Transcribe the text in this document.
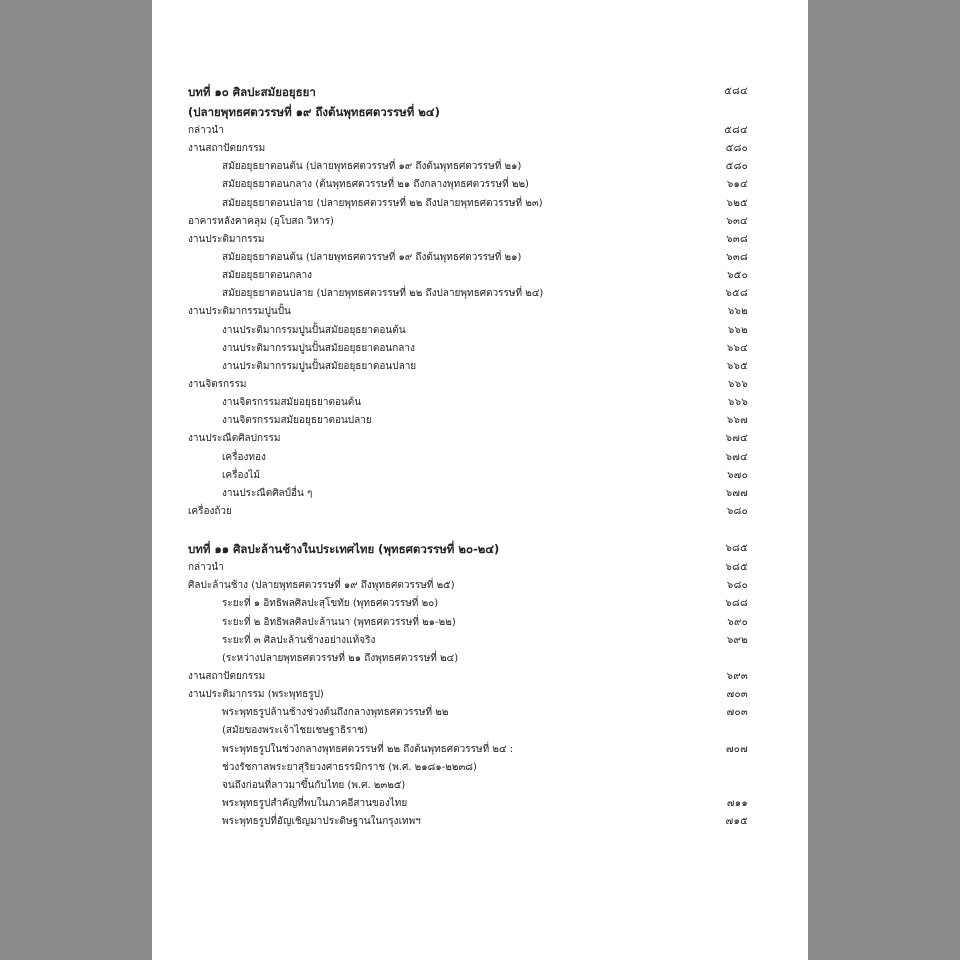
บทที่ ๑๐ ศิลปะสมัยอยุธยา	๕๘๔
(ปลายพุทธศตวรรษที่ ๑๙ ถึงต้นพุทธศตวรรษที่ ๒๔)
กล่าวนำ	๕๘๔
งานสถาปัตยกรรม	๕๘๐
สมัยอยุธยาตอนต้น (ปลายพุทธศตวรรษที่ ๑๙ ถึงต้นพุทธศตวรรษที่ ๒๑)	๕๘๐
สมัยอยุธยาตอนกลาง (ต้นพุทธศตวรรษที่ ๒๑ ถึงกลางพุทธศตวรรษที่ ๒๒)	๖๑๔
สมัยอยุธยาตอนปลาย (ปลายพุทธศตวรรษที่ ๒๒ ถึงปลายพุทธศตวรรษที่ ๒๓)	๖๒๕
อาคารหลังคาคลุม (อุโบสถ วิหาร)	๖๓๔
งานประติมากรรม	๖๓๘
สมัยอยุธยาตอนต้น (ปลายพุทธศตวรรษที่ ๑๙ ถึงต้นพุทธศตวรรษที่ ๒๑)	๖๓๘
สมัยอยุธยาตอนกลาง	๖๕๐
สมัยอยุธยาตอนปลาย (ปลายพุทธศตวรรษที่ ๒๒ ถึงปลายพุทธศตวรรษที่ ๒๔)	๖๕๘
งานประติมากรรมปูนปั้น	๖๖๒
งานประติมากรรมปูนปั้นสมัยอยุธยาตอนต้น	๖๖๒
งานประติมากรรมปูนปั้นสมัยอยุธยาตอนกลาง	๖๖๔
งานประติมากรรมปูนปั้นสมัยอยุธยาตอนปลาย	๖๖๕
งานจิตรกรรม	๖๖๖
งานจิตรกรรมสมัยอยุธยาตอนต้น	๖๖๖
งานจิตรกรรมสมัยอยุธยาตอนปลาย	๖๖๗
งานประณีตศิลปกรรม	๖๗๔
เครื่องทอง	๖๗๔
เครื่องไม้	๖๗๐
งานประณีตศิลป์อื่น ๆ	๖๗๗
เครื่องถ้วย	๖๘๐
บทที่ ๑๑ ศิลปะล้านช้างในประเทศไทย (พุทธศตวรรษที่ ๒๐-๒๔)	๖๘๕
กล่าวนำ	๖๘๕
ศิลปะล้านช้าง (ปลายพุทธศตวรรษที่ ๑๙ ถึงพุทธศตวรรษที่ ๒๕)	๖๘๐
ระยะที่ ๑ อิทธิพลศิลปะสุโขทัย (พุทธศตวรรษที่ ๒๐)	๖๘๘
ระยะที่ ๒ อิทธิพลศิลปะล้านนา (พุทธศตวรรษที่ ๒๑-๒๒)	๖๙๐
ระยะที่ ๓ ศิลปะล้านช้างอย่างแท้จริง	๖๙๒
(ระหว่างปลายพุทธศตวรรษที่ ๒๑ ถึงพุทธศตวรรษที่ ๒๔)
งานสถาปัตยกรรม	๖๙๓
งานประติมากรรม (พระพุทธรูป)	๗๐๓
พระพุทธรูปล้านช้างช่วงต้นถึงกลางพุทธศตวรรษที่ ๒๒	๗๐๓
(สมัยของพระเจ้าไชยเชษฐาธิราช)
พระพุทธรูปในช่วงกลางพุทธศตวรรษที่ ๒๒ ถึงต้นพุทธศตวรรษที่ ๒๔ :	๗๐๗
ช่วงรัชกาลพระยาสุริยวงศาธรรมิกราช (พ.ศ. ๒๑๘๑-๒๒๓๘)
จนถึงก่อนที่ลาวมาขึ้นกับไทย (พ.ศ. ๒๓๒๕)
พระพุทธรูปสำคัญที่พบในภาคอีสานของไทย	๗๑๑
พระพุทธรูปที่อัญเชิญมาประดิษฐานในกรุงเทพฯ	๗๑๕
